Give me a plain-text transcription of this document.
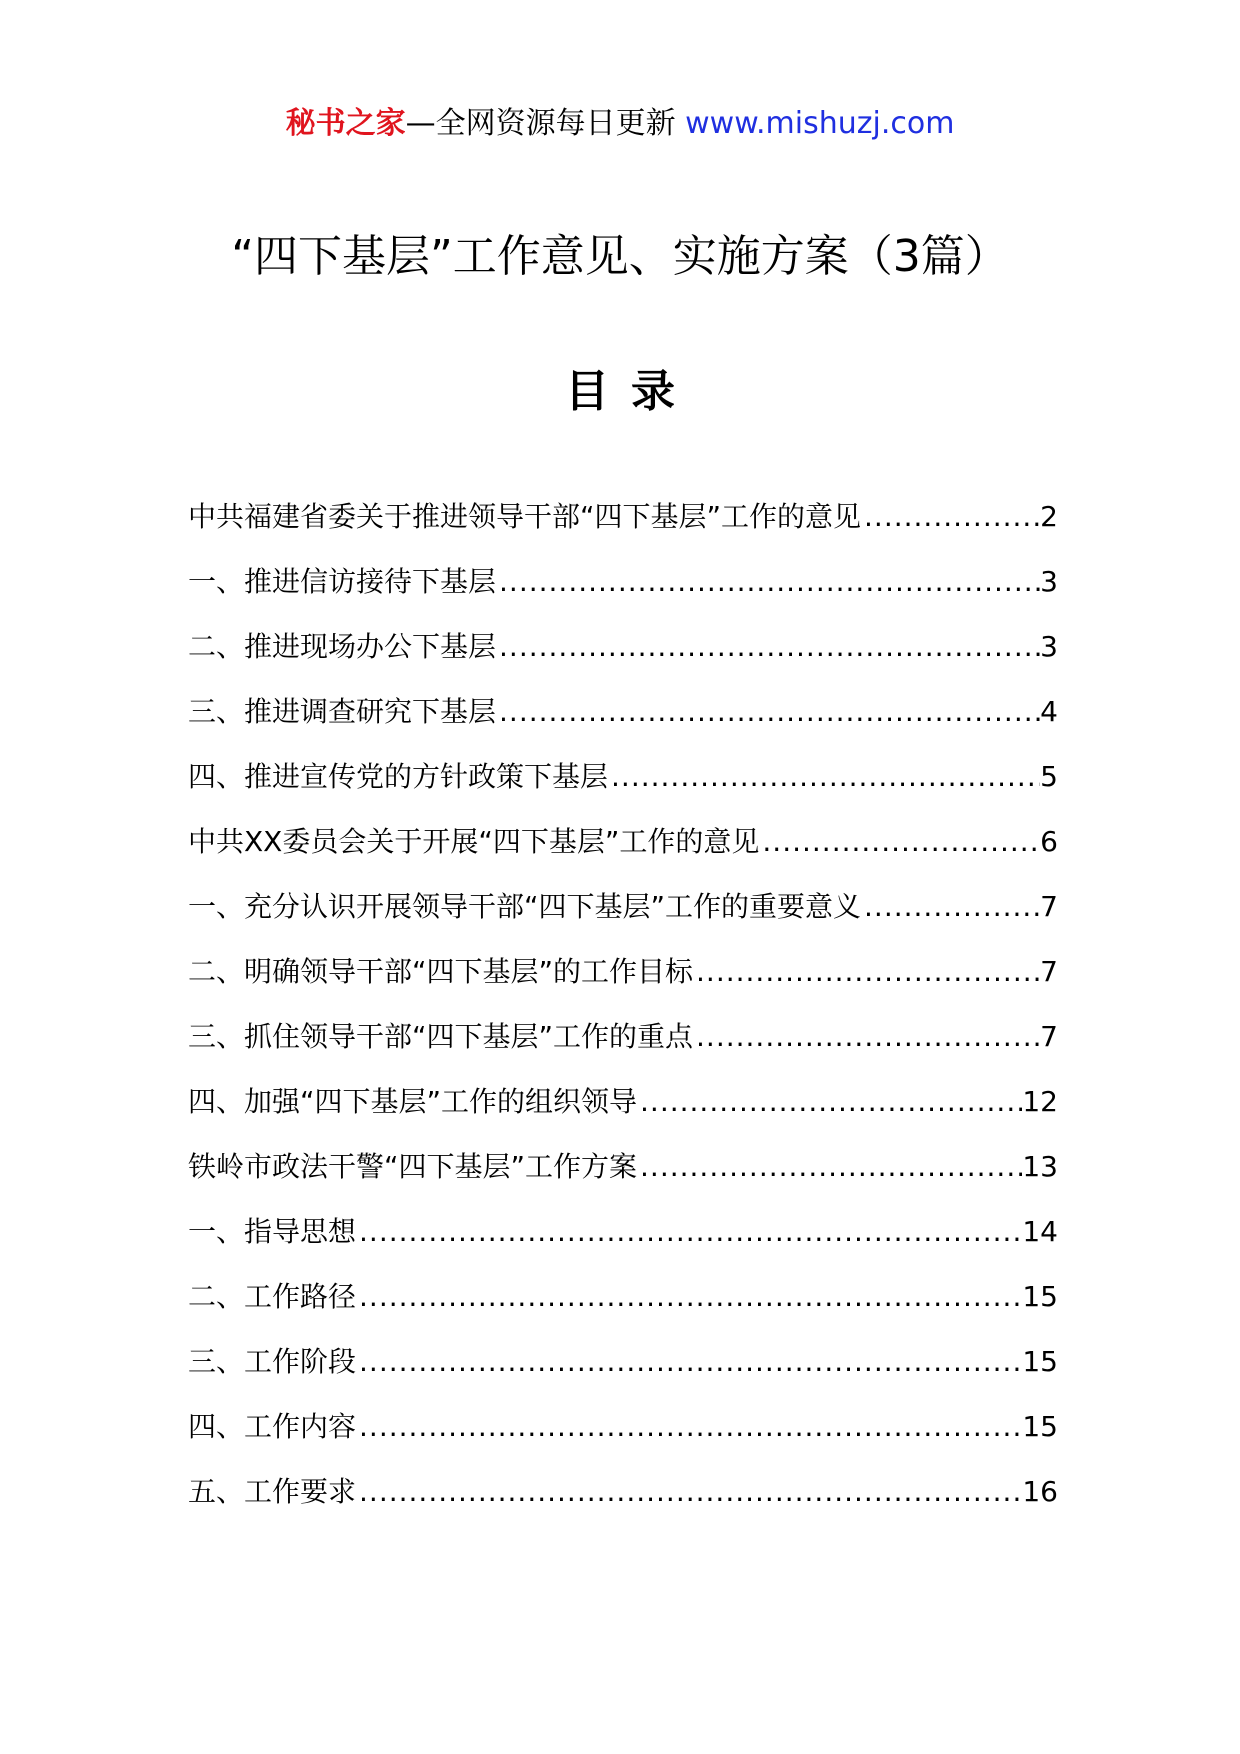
秘书之家—全网资源每日更新 www.mishuzj.com
“四下基层”工作意见、实施方案（3篇）
目录
中共福建省委关于推进领导干部“四下基层”工作的意见 .....	2
一、推进信访接待下基层 .....	3
二、推进现场办公下基层 .....	3
三、推进调查研究下基层 .....	4
四、推进宣传党的方针政策下基层 .....	5
中共XX委员会关于开展“四下基层”工作的意见 .....	6
一、充分认识开展领导干部“四下基层”工作的重要意义 .....	7
二、明确领导干部“四下基层”的工作目标 .....	7
三、抓住领导干部“四下基层”工作的重点 .....	7
四、加强“四下基层”工作的组织领导 .....	12
铁岭市政法干警“四下基层”工作方案 .....	13
一、指导思想 .....	14
二、工作路径 .....	15
三、工作阶段 .....	15
四、工作内容 .....	15
五、工作要求 .....	16
